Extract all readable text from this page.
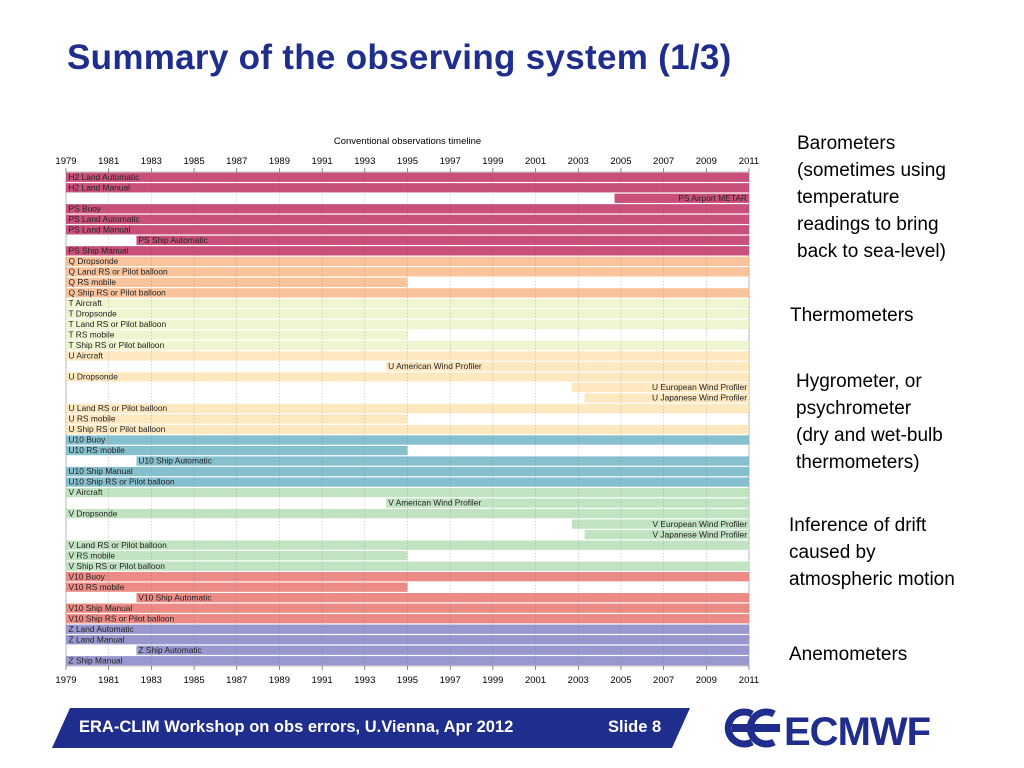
Summary of the observing system (1/3)
Conventional observations timeline
H2 Land Automatic
H2 Land Manual
PS Airport METAR
PS Buoy
PS Land Automatic
PS Land Manual
PS Ship Automatic
PS Ship Manual
Q Dropsonde
Q Land RS or Pilot balloon
Q RS mobile
Q Ship RS or Pilot balloon
T Aircraft
T Dropsonde
T Land RS or Pilot balloon
T RS mobile
T Ship RS or Pilot balloon
U Aircraft
U American Wind Profiler
U Dropsonde
U European Wind Profiler
U Japanese Wind Profiler
U Land RS or Pilot balloon
U RS mobile
U Ship RS or Pilot balloon
U10 Buoy
U10 RS mobile
U10 Ship Automatic
U10 Ship Manual
U10 Ship RS or Pilot balloon
V Aircraft
V American Wind Profiler
V Dropsonde
V European Wind Profiler
V Japanese Wind Profiler
V Land RS or Pilot balloon
V RS mobile
V Ship RS or Pilot balloon
V10 Buoy
V10 RS mobile
V10 Ship Automatic
V10 Ship Manual
V10 Ship RS or Pilot balloon
Z Land Automatic
Z Land Manual
Z Ship Automatic
Z Ship Manual
1979
1979
1981
1981
1983
1983
1985
1985
1987
1987
1989
1989
1991
1991
1993
1993
1995
1995
1997
1997
1999
1999
2001
2001
2003
2003
2005
2005
2007
2007
2009
2009
2011
2011
Barometers
(sometimes using
temperature
readings to bring
back to sea-level)
Thermometers
Hygrometer, or
psychrometer
(dry and wet-bulb
thermometers)
Inference of drift
caused by
atmospheric motion
Anemometers
ERA-CLIM Workshop on obs errors, U.Vienna, Apr 2012	Slide 8	ECMWF
